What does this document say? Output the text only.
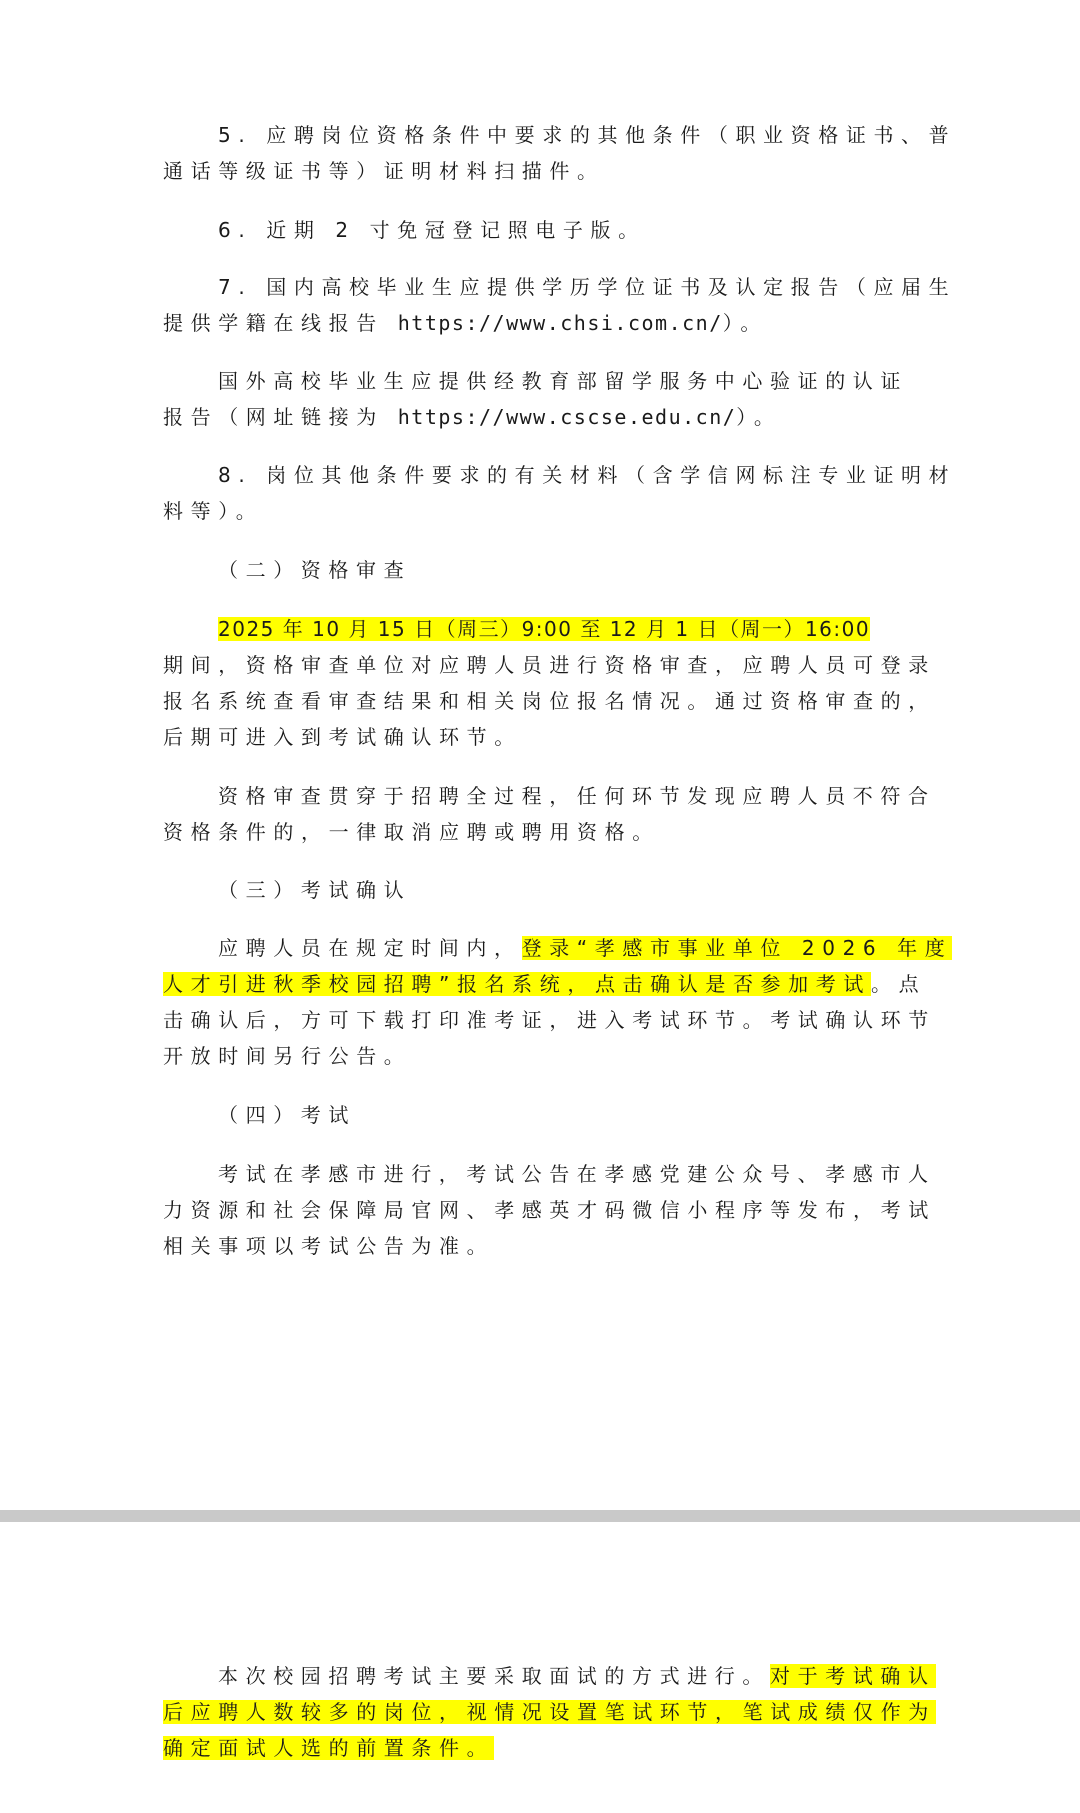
5. 应聘岗位资格条件中要求的其他条件（职业资格证书、普
通话等级证书等）证明材料扫描件。

6. 近期 2 寸免冠登记照电子版。

7. 国内高校毕业生应提供学历学位证书及认定报告（应届生
提供学籍在线报告 https://www.chsi.com.cn/）。

国外高校毕业生应提供经教育部留学服务中心验证的认证
报告（网址链接为 https://www.cscse.edu.cn/）。

8. 岗位其他条件要求的有关材料（含学信网标注专业证明材
料等）。

（二）资格审查

2025 年 10 月 15 日（周三）9:00 至 12 月 1 日（周一）16:00

期间，资格审查单位对应聘人员进行资格审查，应聘人员可登录
报名系统查看审查结果和相关岗位报名情况。通过资格审查的，
后期可进入到考试确认环节。

资格审查贯穿于招聘全过程，任何环节发现应聘人员不符合
资格条件的，一律取消应聘或聘用资格。

（三）考试确认

应聘人员在规定时间内，登录“孝感市事业单位 2026 年度
人才引进秋季校园招聘”报名系统，点击确认是否参加考试。点
击确认后，方可下载打印准考证，进入考试环节。考试确认环节
开放时间另行公告。

（四）考试

考试在孝感市进行，考试公告在孝感党建公众号、孝感市人
力资源和社会保障局官网、孝感英才码微信小程序等发布，考试
相关事项以考试公告为准。

本次校园招聘考试主要采取面试的方式进行。对于考试确认
后应聘人数较多的岗位，视情况设置笔试环节，笔试成绩仅作为
确定面试人选的前置条件。
